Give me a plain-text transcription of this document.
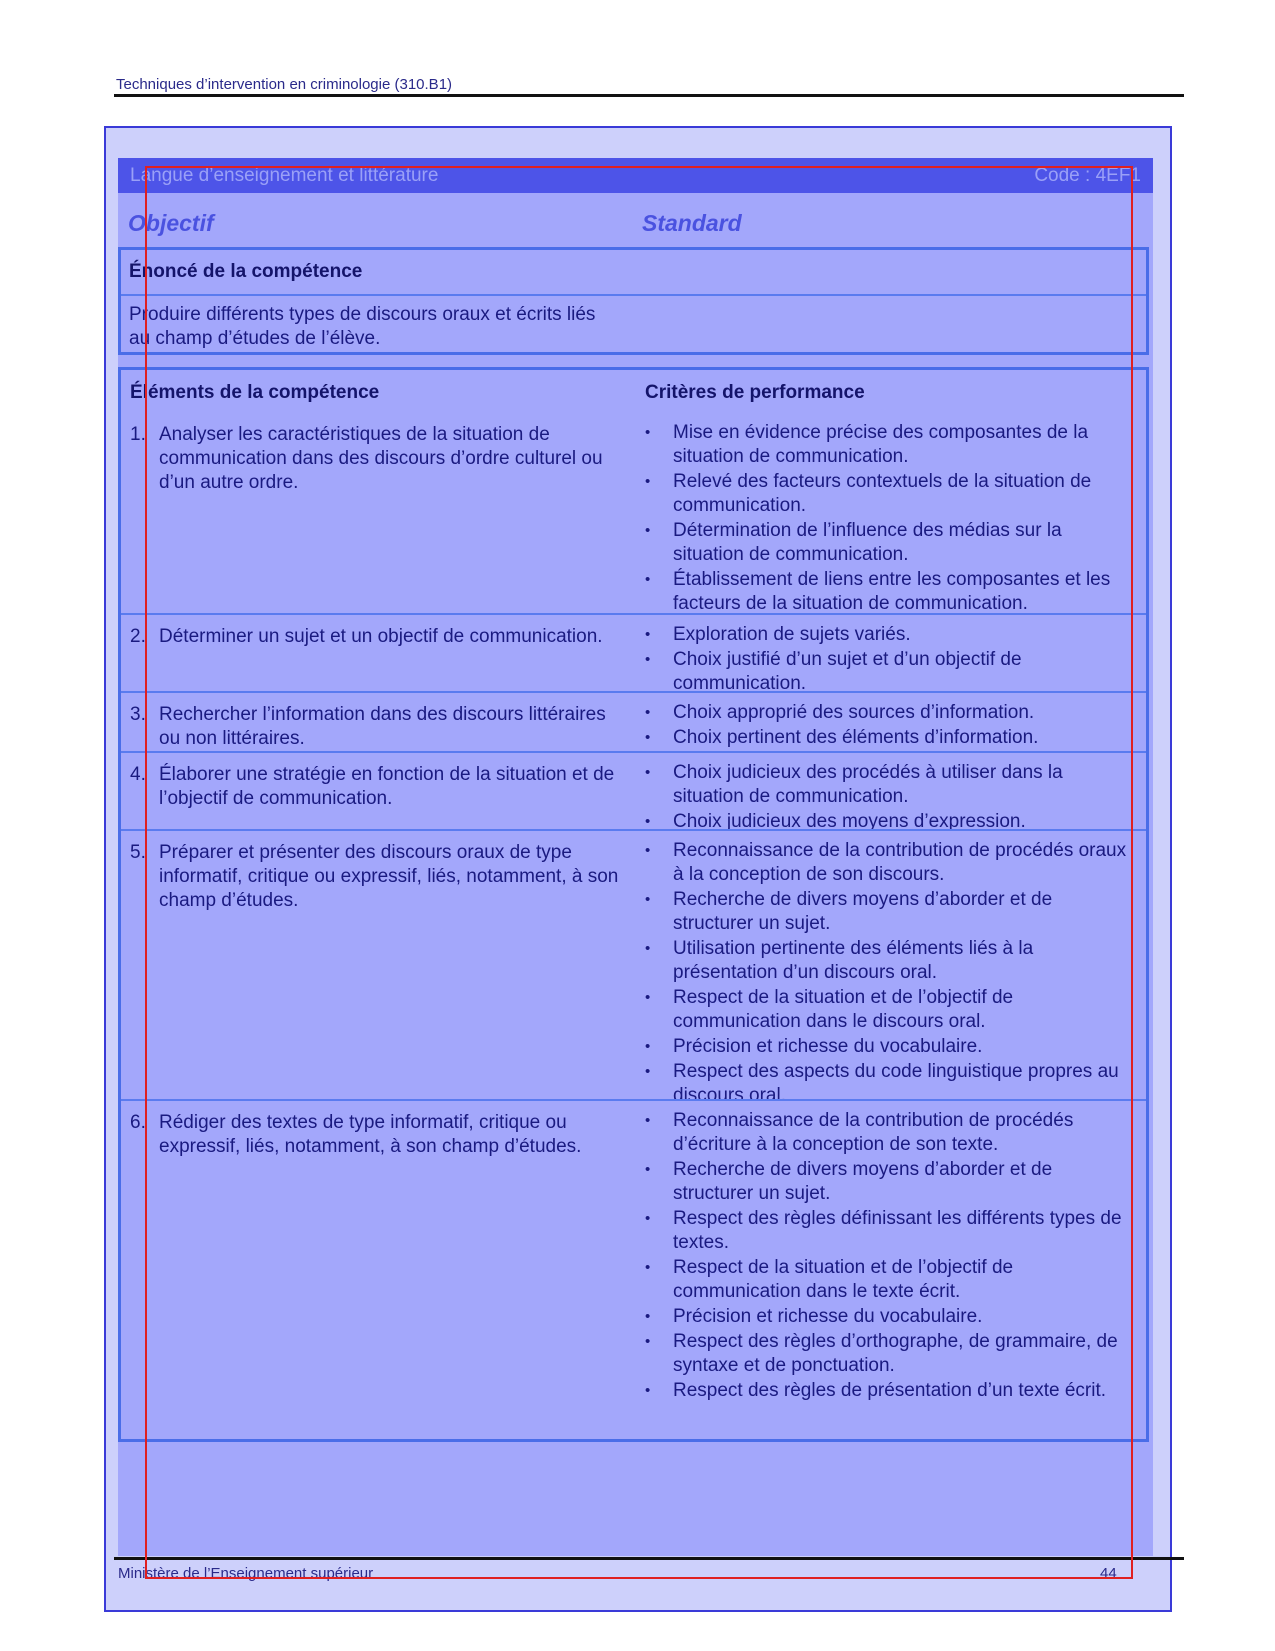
Techniques d’intervention en criminologie (310.B1)
Langue d’enseignement et littérature	Code : 4EF1
Objectif	Standard
Énoncé de la compétence
Produire différents types de discours oraux et écrits liés au champ d’études de l’élève.
Éléments de la compétence	Critères de performance
1. Analyser les caractéristiques de la situation de communication dans des discours d’ordre culturel ou d’un autre ordre.
•	Mise en évidence précise des composantes de la situation de communication.
•	Relevé des facteurs contextuels de la situation de communication.
•	Détermination de l’influence des médias sur la situation de communication.
•	Établissement de liens entre les composantes et les facteurs de la situation de communication.
2. Déterminer un sujet et un objectif de communication.	•	Exploration de sujets variés.
•	Choix justifié d’un sujet et d’un objectif de communication.
3. Rechercher l’information dans des discours littéraires ou non littéraires.
•	Choix approprié des sources d’information.
•	Choix pertinent des éléments d’information.
4. Élaborer une stratégie en fonction de la situation et de l’objectif de communication.
•	Choix judicieux des procédés à utiliser dans la situation de communication.
•	Choix judicieux des moyens d’expression.
5. Préparer et présenter des discours oraux de type informatif, critique ou expressif, liés, notamment, à son champ d’études.
•	Reconnaissance de la contribution de procédés oraux à la conception de son discours.
•	Recherche de divers moyens d’aborder et de structurer un sujet.
•	Utilisation pertinente des éléments liés à la présentation d’un discours oral.
•	Respect de la situation et de l’objectif de communication dans le discours oral.
•	Précision et richesse du vocabulaire.
•	Respect des aspects du code linguistique propres au discours oral.
6. Rédiger des textes de type informatif, critique ou expressif, liés, notamment, à son champ d’études.
•	Reconnaissance de la contribution de procédés d’écriture à la conception de son texte.
•	Recherche de divers moyens d’aborder et de structurer un sujet.
•	Respect des règles définissant les différents types de textes.
•	Respect de la situation et de l’objectif de communication dans le texte écrit.
•	Précision et richesse du vocabulaire.
•	Respect des règles d’orthographe, de grammaire, de syntaxe et de ponctuation.
•	Respect des règles de présentation d’un texte écrit.
Ministère de l’Enseignement supérieur	44
